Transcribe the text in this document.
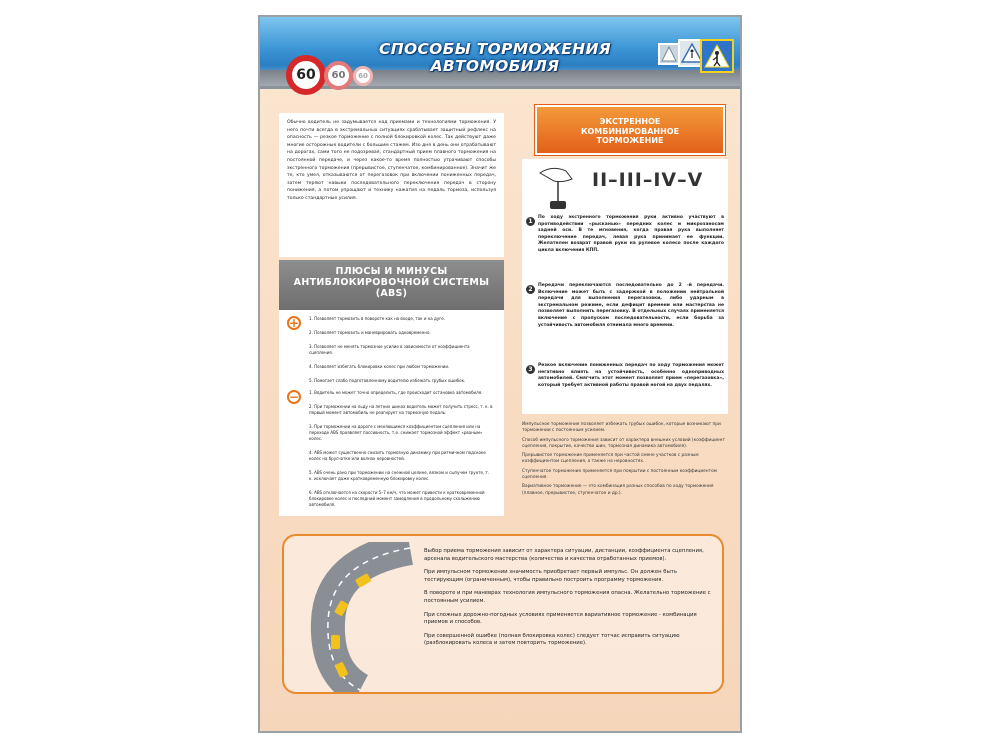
60 60 60
СПОСОБЫ ТОРМОЖЕНИЯ
АВТОМОБИЛЯ

Обычно водитель не задумывается над приемами и технологиями торможения. У него почти всегда в экстремальных ситуациях срабатывает защитный рефлекс на опасность — резкое торможение с полной блокировкой колес. Так действуют даже многие осторожные водители с большим стажем. Изо дня в день они отрабатывают на дорогах, сами того не подозревая, стандартный прием плавного торможения на постоянной передаче, и через какое-то время полностью утрачивают способы экстренного торможения (прерывистое, ступенчатое, комбинированное). Значит же те, кто умел, отказываются от перегазовок при включении пониженных передач, затем теряют навыки последовательного переключения передач в сторону понижения, а потом упрощают и технику нажатия на педаль тормоза, используя только стандартные усилия.

ПЛЮСЫ И МИНУСЫ
АНТИБЛОКИРОВОЧНОЙ СИСТЕМЫ
(ABS)
+	1. Позволяет тормозить в повороте как на входе, так и на дуге.

2. Позволяет тормозить и маневрировать одновременно.

3. Позволяет не менять тормозное усилие в зависимости от коэффициента сцепления.

4. Позволяет избегать блокировки колес при любом торможении.

5. Помогает слабо подготовленному водителю избежать грубых ошибок.

−	1. Водитель не может точно определить, где происходит остановка автомобиля.

2. При торможении на льду на летних шинах водитель может получить стресс, т. к. в первый момент автомобиль не реагирует на тормозную педаль.

3. При торможении на дороге с меняющимся коэффициентом сцепления или на переходе ABS проявляет пассивность, т.е. снижает тормозной эффект «рваным» колес.

4. ABS может существенно снизить тормозную динамику при ритмичном подскоке колес на брусчатке или волнах неровностей.

5. ABS очень рано при торможении на снежной целине, вязком и сыпучем грунте, т. к. исключает даже кратковременную блокировку колес.

6. ABS отключается на скорости 5–7 км/ч, что может привести к кратковременной блокировке колес и последний момент замедления в продольному скольжению автомобиля.

ЭКСТРЕННОЕ
КОМБИНИРОВАННОЕ
ТОРМОЖЕНИЕ
II–III–IV–V
1
По ходу экстренного торможения руки активно участвуют в противодействии «рысканью» передних колес и микрозаносам задней оси. В те мгновения, когда правая рука выполняет переключение передач, левая рука принимает ее функции. Желателен возврат правой руки на рулевое колесо после каждого цикла включения КПП.
2
Передачи переключаются последовательно до 2 -й передачи. Включение может быть с задержкой в положении нейтральной передачи для выполнения перегазовки, либо ударным в экстремальном режиме, если дефицит времени или мастерства не позволяет выполнить перегазовку. В отдельных случаях применяется включение с пропуском последовательности, если борьба за устойчивость автомобиля отнимала много времени.
3
Резкое включение пониженных передач по ходу торможения может негативно влиять на устойчивость, особенно одноприводных автомобилей. Смягчить этот момент позволяет прием «перегазовка», который требует активной работы правой ногой на двух педалях.

Импульсное торможение позволяет избежать грубых ошибок, которые возникают при торможении с постоянным усилием.

Способ импульсного торможения зависит от характера внешних условий (коэффициент сцепления, покрытие, качество шин, тормозная динамика автомобиля).

Прерывистое торможение применяется при частой смене участков с разным коэффициентом сцепления, а также на неровностях.

Ступенчатое торможение применяется при покрытии с постоянным коэффициентом сцепления.

Вариативное торможение — это комбинация разных способов по ходу торможения (плавное, прерывистое, ступенчатое и др.).

Выбор приема торможения зависит от характера ситуации, дистанции, коэффициента сцепления, арсенала водительского мастерства (количества и качества отработанных приемов).

При импульсном торможении значимость приобретает первый импульс. Он должен быть тестирующим (ограниченным), чтобы правильно построить программу торможения.

В повороте и при маневрах технология импульсного торможения опасна. Желательно торможение с постоянным усилием.

При сложных дорожно-погодных условиях применяется вариативное торможение - комбинация приемов и способов.

При совершенной ошибке (полная блокировка колес) следует тотчас исправить ситуацию (разблокировать колеса и затем повторить торможение).
